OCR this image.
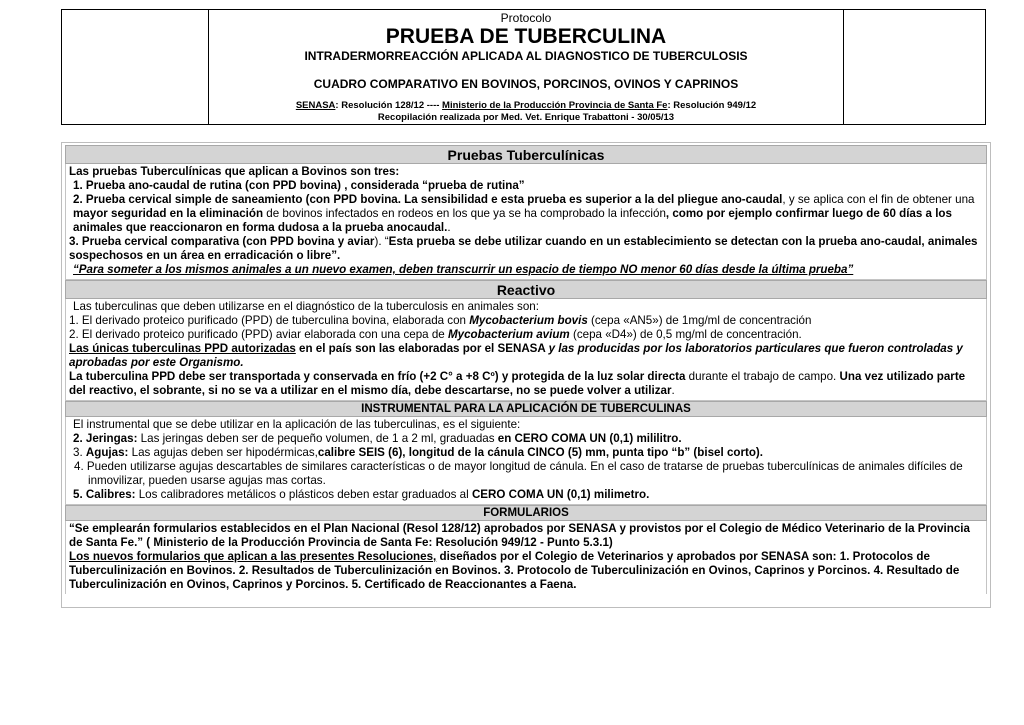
Protocolo
PRUEBA DE TUBERCULINA
INTRADERMORREACCIÓN APLICADA AL DIAGNOSTICO DE TUBERCULOSIS
CUADRO COMPARATIVO EN BOVINOS, PORCINOS, OVINOS Y CAPRINOS
SENASA: Resolución 128/12 ---- Ministerio de la Producción Provincia de Santa Fe: Resolución 949/12
Recopilación realizada por Med. Vet. Enrique Trabattoni - 30/05/13
Pruebas Tuberculínicas

Las pruebas Tuberculínicas que aplican a Bovinos son tres:

1. Prueba ano-caudal de rutina (con PPD bovina) , considerada “prueba de rutina”

2. Prueba cervical simple de saneamiento (con PPD bovina. La sensibilidad e esta prueba es superior a la del pliegue ano-caudal, y se aplica con el fin de obtener una mayor seguridad en la eliminación de bovinos infectados en rodeos en los que ya se ha comprobado la infección, como por ejemplo confirmar luego de 60 días a los animales que reaccionaron en forma dudosa a la prueba anocaudal..

3. Prueba cervical comparativa (con PPD bovina y aviar). “Esta prueba se debe utilizar cuando en un establecimiento se detectan con la prueba ano-caudal, animales sospechosos en un área en erradicación o libre”.

“Para someter a los mismos animales a un nuevo examen, deben transcurrir un espacio de tiempo NO menor 60 días desde la última prueba”

Reactivo

Las tuberculinas que deben utilizarse en el diagnóstico de la tuberculosis en animales son:

1. El derivado proteico purificado (PPD) de tuberculina bovina, elaborada con Mycobacterium bovis (cepa «AN5») de 1mg/ml de concentración

2. El derivado proteico purificado (PPD) aviar elaborada con una cepa de Mycobacterium avium (cepa «D4») de 0,5 mg/ml de concentración.

Las únicas tuberculinas PPD autorizadas en el país son las elaboradas por el SENASA y las producidas por los laboratorios particulares que fueron controladas y aprobadas por este Organismo.

La tuberculina PPD debe ser transportada y conservada en frío (+2 C° a +8 Cº) y protegida de la luz solar directa durante el trabajo de campo. Una vez utilizado parte del reactivo, el sobrante, si no se va a utilizar en el mismo día, debe descartarse, no se puede volver a utilizar.

INSTRUMENTAL PARA LA APLICACIÓN DE TUBERCULINAS

El instrumental que se debe utilizar en la aplicación de las tuberculinas, es el siguiente:

2. Jeringas: Las jeringas deben ser de pequeño volumen, de 1 a 2 ml, graduadas en CERO COMA UN (0,1) mililitro.

3. Agujas: Las agujas deben ser hipodérmicas,calibre SEIS (6), longitud de la cánula CINCO (5) mm, punta tipo “b” (bisel corto).

4. Pueden utilizarse agujas descartables de similares características o de mayor longitud de cánula. En el caso de tratarse de pruebas tuberculínicas de animales difíciles de inmovilizar, pueden usarse agujas mas cortas.

5. Calibres: Los calibradores metálicos o plásticos deben estar graduados al CERO COMA UN (0,1) milimetro.

FORMULARIOS

“Se emplearán formularios establecidos en el Plan Nacional (Resol 128/12) aprobados por SENASA y provistos por el Colegio de Médico Veterinario de la Provincia de Santa Fe.” ( Ministerio de la Producción Provincia de Santa Fe: Resolución 949/12 - Punto 5.3.1)

Los nuevos formularios que aplican a las presentes Resoluciones, diseñados por el Colegio de Veterinarios y aprobados por SENASA son: 1. Protocolos de Tuberculinización en Bovinos. 2. Resultados de Tuberculinización en Bovinos. 3. Protocolo de Tuberculinización en Ovinos, Caprinos y Porcinos. 4. Resultado de Tuberculinización en Ovinos, Caprinos y Porcinos. 5. Certificado de Reaccionantes a Faena.
